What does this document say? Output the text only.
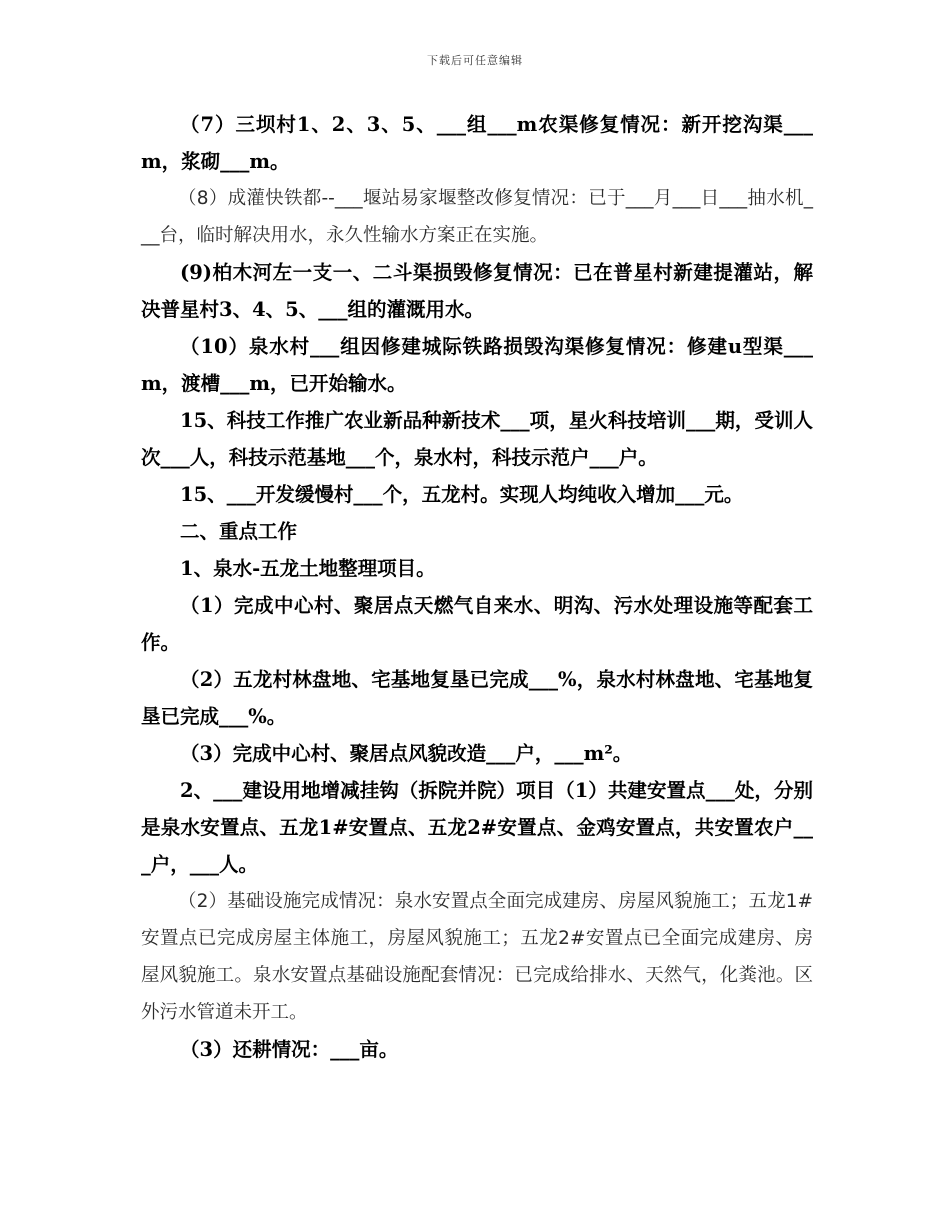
下载后可任意编辑

（7）三坝村1、2、3、5、___组___m农渠修复情况：新开挖沟渠___m，浆砌___m。

（8）成灌快铁都--___堰站易家堰整改修复情况：已于___月___日___抽水机___台，临时解决用水，永久性输水方案正在实施。

(9)柏木河左一支一、二斗渠损毁修复情况：已在普星村新建提灌站，解决普星村3、4、5、___组的灌溉用水。

（10）泉水村___组因修建城际铁路损毁沟渠修复情况：修建u型渠___m，渡槽___m，已开始输水。

15、科技工作推广农业新品种新技术___项，星火科技培训___期，受训人次___人，科技示范基地___个，泉水村，科技示范户___户。

15、___开发缓慢村___个，五龙村。实现人均纯收入增加___元。

二、重点工作

1、泉水-五龙土地整理项目。

（1）完成中心村、聚居点天燃气自来水、明沟、污水处理设施等配套工作。

（2）五龙村林盘地、宅基地复垦已完成___%，泉水村林盘地、宅基地复垦已完成___%。

（3）完成中心村、聚居点风貌改造___户，___m²。

2、___建设用地增减挂钩（拆院并院）项目（1）共建安置点___处，分别是泉水安置点、五龙1#安置点、五龙2#安置点、金鸡安置点，共安置农户___户，___人。

（2）基础设施完成情况：泉水安置点全面完成建房、房屋风貌施工；五龙1#安置点已完成房屋主体施工，房屋风貌施工；五龙2#安置点已全面完成建房、房屋风貌施工。泉水安置点基础设施配套情况：已完成给排水、天然气，化粪池。区外污水管道未开工。

（3）还耕情况：___亩。
